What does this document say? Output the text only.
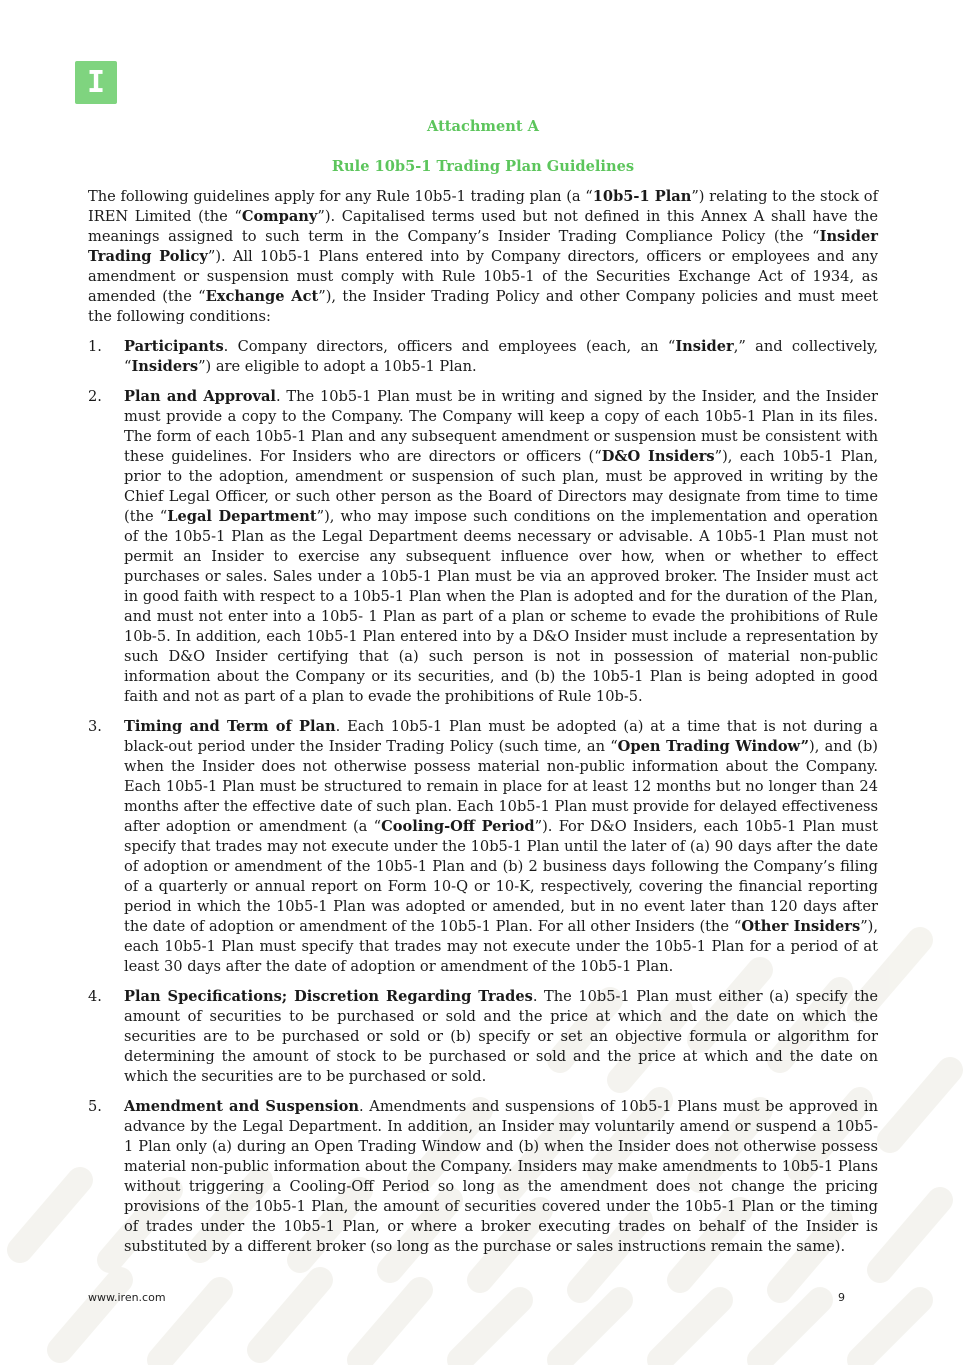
I

Attachment A

Rule 10b5-1 Trading Plan Guidelines

The following guidelines apply for any Rule 10b5-1 trading plan (a “10b5-1 Plan”) relating to the stock of IREN Limited (the “Company”). Capitalised terms used but not defined in this Annex A shall have the meanings assigned to such term in the Company’s Insider Trading Compliance Policy (the “Insider Trading Policy”). All 10b5-1 Plans entered into by Company directors, officers or employees and any amendment or suspension must comply with Rule 10b5-1 of the Securities Exchange Act of 1934, as amended (the “Exchange Act”), the Insider Trading Policy and other Company policies and must meet the following conditions:

1.	Participants. Company directors, officers and employees (each, an “Insider,” and collectively, “Insiders”) are eligible to adopt a 10b5-1 Plan.
2.	Plan and Approval. The 10b5-1 Plan must be in writing and signed by the Insider, and the Insider must provide a copy to the Company. The Company will keep a copy of each 10b5-1 Plan in its files. The form of each 10b5-1 Plan and any subsequent amendment or suspension must be consistent with these guidelines. For Insiders who are directors or officers (“D&O Insiders”), each 10b5-1 Plan, prior to the adoption, amendment or suspension of such plan, must be approved in writing by the Chief Legal Officer, or such other person as the Board of Directors may designate from time to time (the “Legal Department”), who may impose such conditions on the implementation and operation of the 10b5-1 Plan as the Legal Department deems necessary or advisable. A 10b5-1 Plan must not permit an Insider to exercise any subsequent influence over how, when or whether to effect purchases or sales. Sales under a 10b5-1 Plan must be via an approved broker. The Insider must act in good faith with respect to a 10b5-1 Plan when the Plan is adopted and for the duration of the Plan, and must not enter into a 10b5- 1 Plan as part of a plan or scheme to evade the prohibitions of Rule 10b-5. In addition, each 10b5-1 Plan entered into by a D&O Insider must include a representation by such D&O Insider certifying that (a) such person is not in possession of material non-public information about the Company or its securities, and (b) the 10b5-1 Plan is being adopted in good faith and not as part of a plan to evade the prohibitions of Rule 10b-5.
3.	Timing and Term of Plan. Each 10b5-1 Plan must be adopted (a) at a time that is not during a black-out period under the Insider Trading Policy (such time, an “Open Trading Window”), and (b) when the Insider does not otherwise possess material non-public information about the Company. Each 10b5-1 Plan must be structured to remain in place for at least 12 months but no longer than 24 months after the effective date of such plan. Each 10b5-1 Plan must provide for delayed effectiveness after adoption or amendment (a “Cooling-Off Period”). For D&O Insiders, each 10b5-1 Plan must specify that trades may not execute under the 10b5-1 Plan until the later of (a) 90 days after the date of adoption or amendment of the 10b5-1 Plan and (b) 2 business days following the Company’s filing of a quarterly or annual report on Form 10-Q or 10-K, respectively, covering the financial reporting period in which the 10b5-1 Plan was adopted or amended, but in no event later than 120 days after the date of adoption or amendment of the 10b5-1 Plan. For all other Insiders (the “Other Insiders”), each 10b5-1 Plan must specify that trades may not execute under the 10b5-1 Plan for a period of at least 30 days after the date of adoption or amendment of the 10b5-1 Plan.
4.	Plan Specifications; Discretion Regarding Trades. The 10b5-1 Plan must either (a) specify the amount of securities to be purchased or sold and the price at which and the date on which the securities are to be purchased or sold or (b) specify or set an objective formula or algorithm for determining the amount of stock to be purchased or sold and the price at which and the date on which the securities are to be purchased or sold.
5.	Amendment and Suspension. Amendments and suspensions of 10b5-1 Plans must be approved in advance by the Legal Department. In addition, an Insider may voluntarily amend or suspend a 10b5-1 Plan only (a) during an Open Trading Window and (b) when the Insider does not otherwise possess material non-public information about the Company. Insiders may make amendments to 10b5-1 Plans without triggering a Cooling-Off Period so long as the amendment does not change the pricing provisions of the 10b5-1 Plan, the amount of securities covered under the 10b5-1 Plan or the timing of trades under the 10b5-1 Plan, or where a broker executing trades on behalf of the Insider is substituted by a different broker (so long as the purchase or sales instructions remain the same).
www.iren.com	9
